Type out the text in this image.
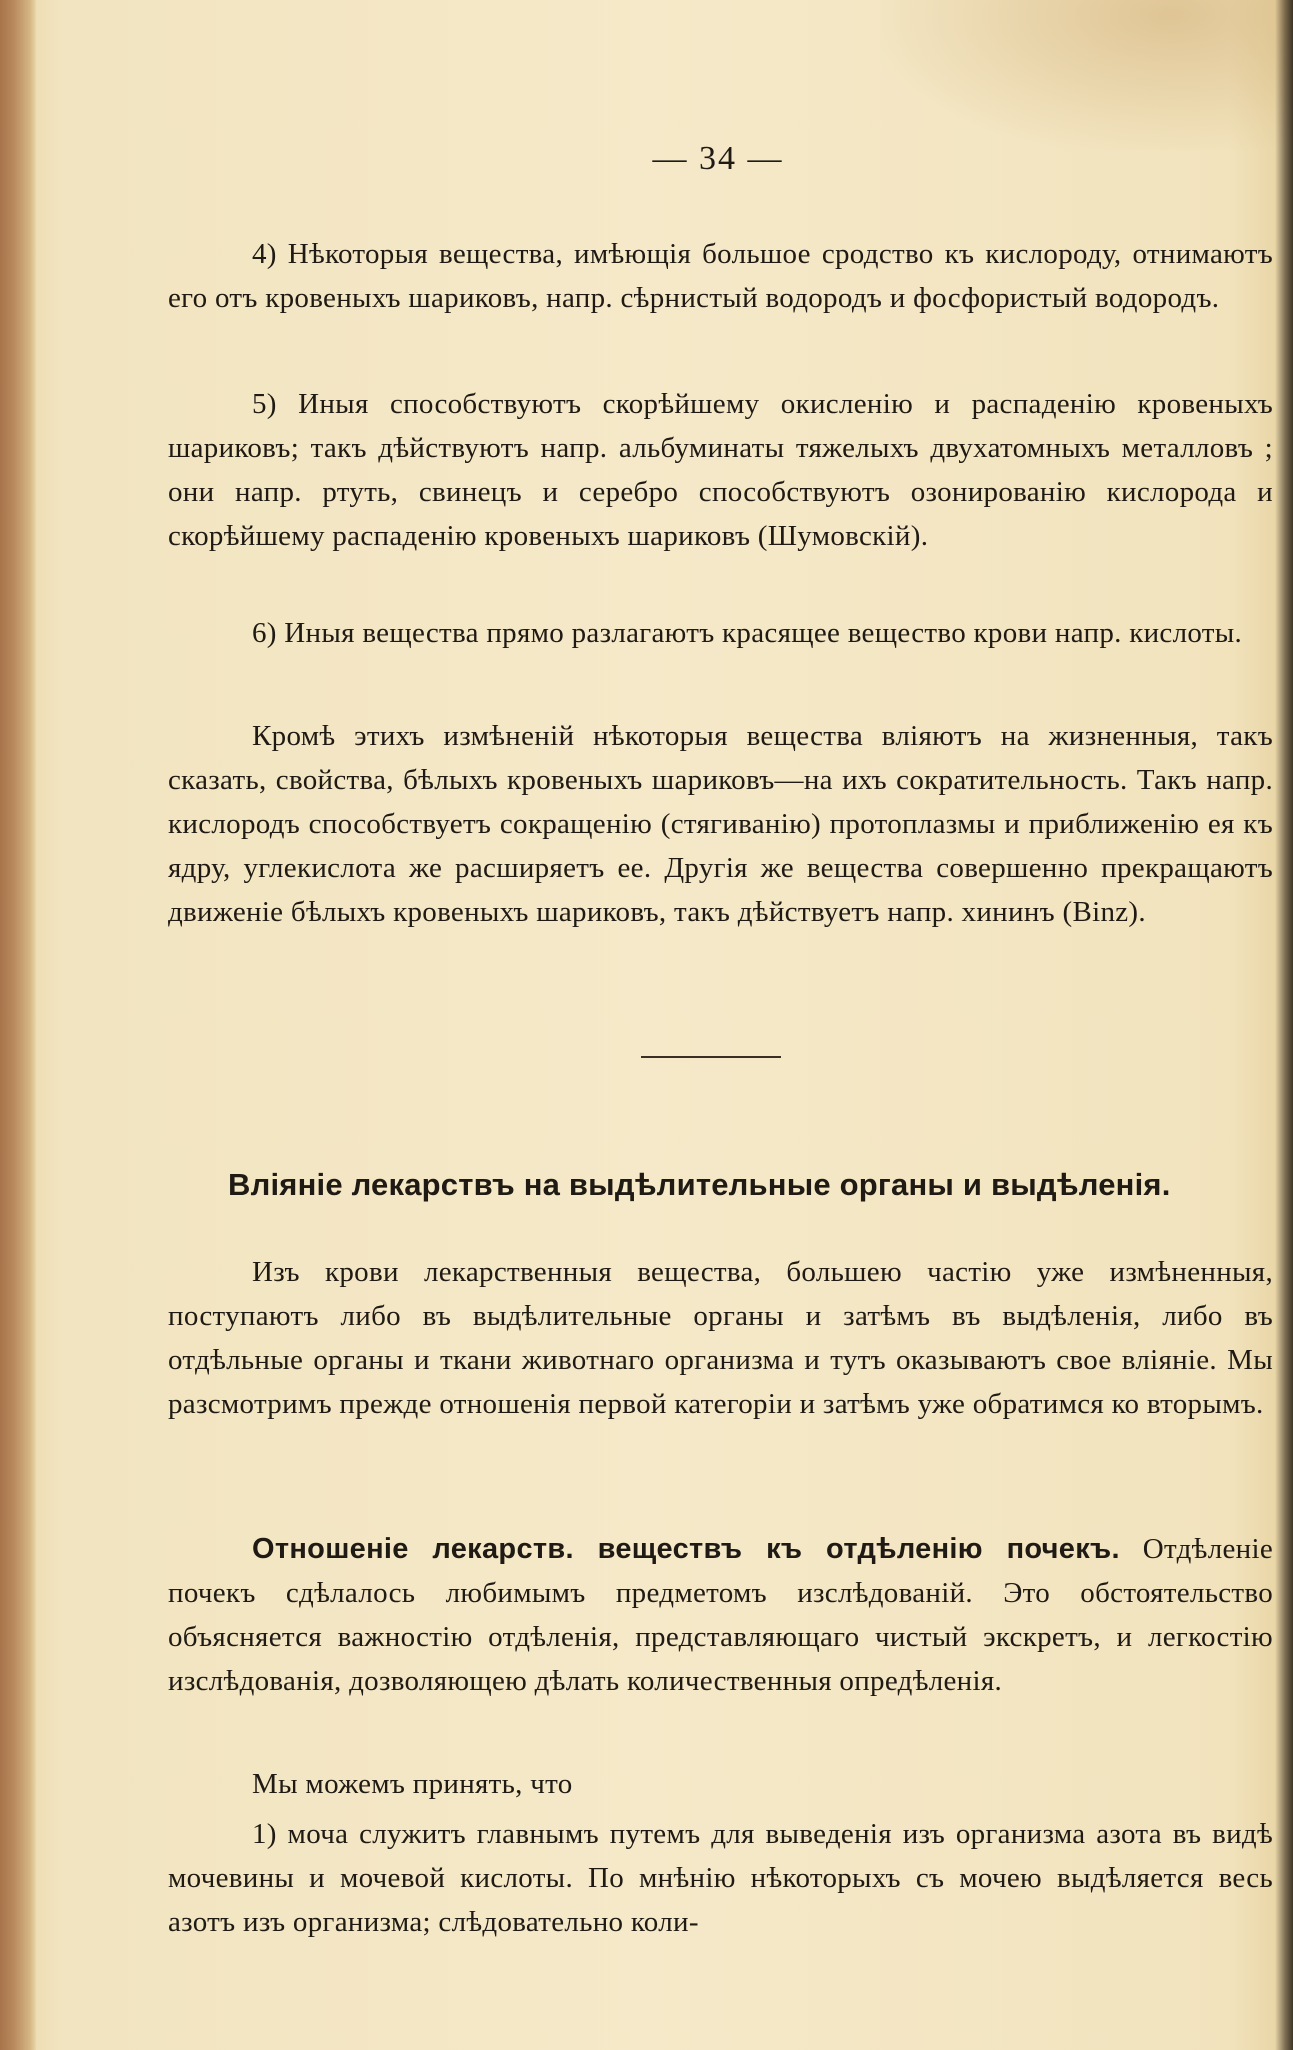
— 34 —
4) Нѣкоторыя вещества, имѣющія большое сродство къ кислороду, отнимаютъ его отъ кровеныхъ шариковъ, напр. сѣрнистый водородъ и фосфористый водородъ.
5) Иныя способствуютъ скорѣйшему окисленію и распаденію кровеныхъ шариковъ; такъ дѣйствуютъ напр. альбуминаты тяжелыхъ двухатомныхъ металловъ ; они напр. ртуть, свинецъ и серебро способствуютъ озонированію кислорода и скорѣйшему распаденію кровеныхъ шариковъ (Шумовскій).
6) Иныя вещества прямо разлагаютъ красящее вещество крови напр. кислоты.
Кромѣ этихъ измѣненій нѣкоторыя вещества вліяютъ на жизненныя, такъ сказать, свойства, бѣлыхъ кровеныхъ шариковъ—на ихъ сократительность. Такъ напр. кислородъ способствуетъ сокращенію (стягиванію) протоплазмы и приближенію ея къ ядру, углекислота же расширяетъ ее. Другія же вещества совершенно прекращаютъ движеніе бѣлыхъ кровеныхъ шариковъ, такъ дѣйствуетъ напр. хининъ (Binz).
Вліяніе лекарствъ на выдѣлительные органы и выдѣленія.
Изъ крови лекарственныя вещества, большею частію уже измѣненныя, поступаютъ либо въ выдѣлительные органы и затѣмъ въ выдѣленія, либо въ отдѣльные органы и ткани животнаго организма и тутъ оказываютъ свое вліяніе. Мы разсмотримъ прежде отношенія первой категоріи и затѣмъ уже обратимся ко вторымъ.
Отношеніе лекарств. веществъ къ отдѣленію почекъ. Отдѣленіе почекъ сдѣлалось любимымъ предметомъ изслѣдованій. Это обстоятельство объясняется важностію отдѣленія, представляющаго чистый экскретъ, и легкостію изслѣдованія, дозволяющею дѣлать количественныя опредѣленія.
Мы можемъ принять, что
1) моча служитъ главнымъ путемъ для выведенія изъ организма азота въ видѣ мочевины и мочевой кислоты. По мнѣнію нѣкоторыхъ съ мочею выдѣляется весь азотъ изъ организма; слѣдовательно коли-
